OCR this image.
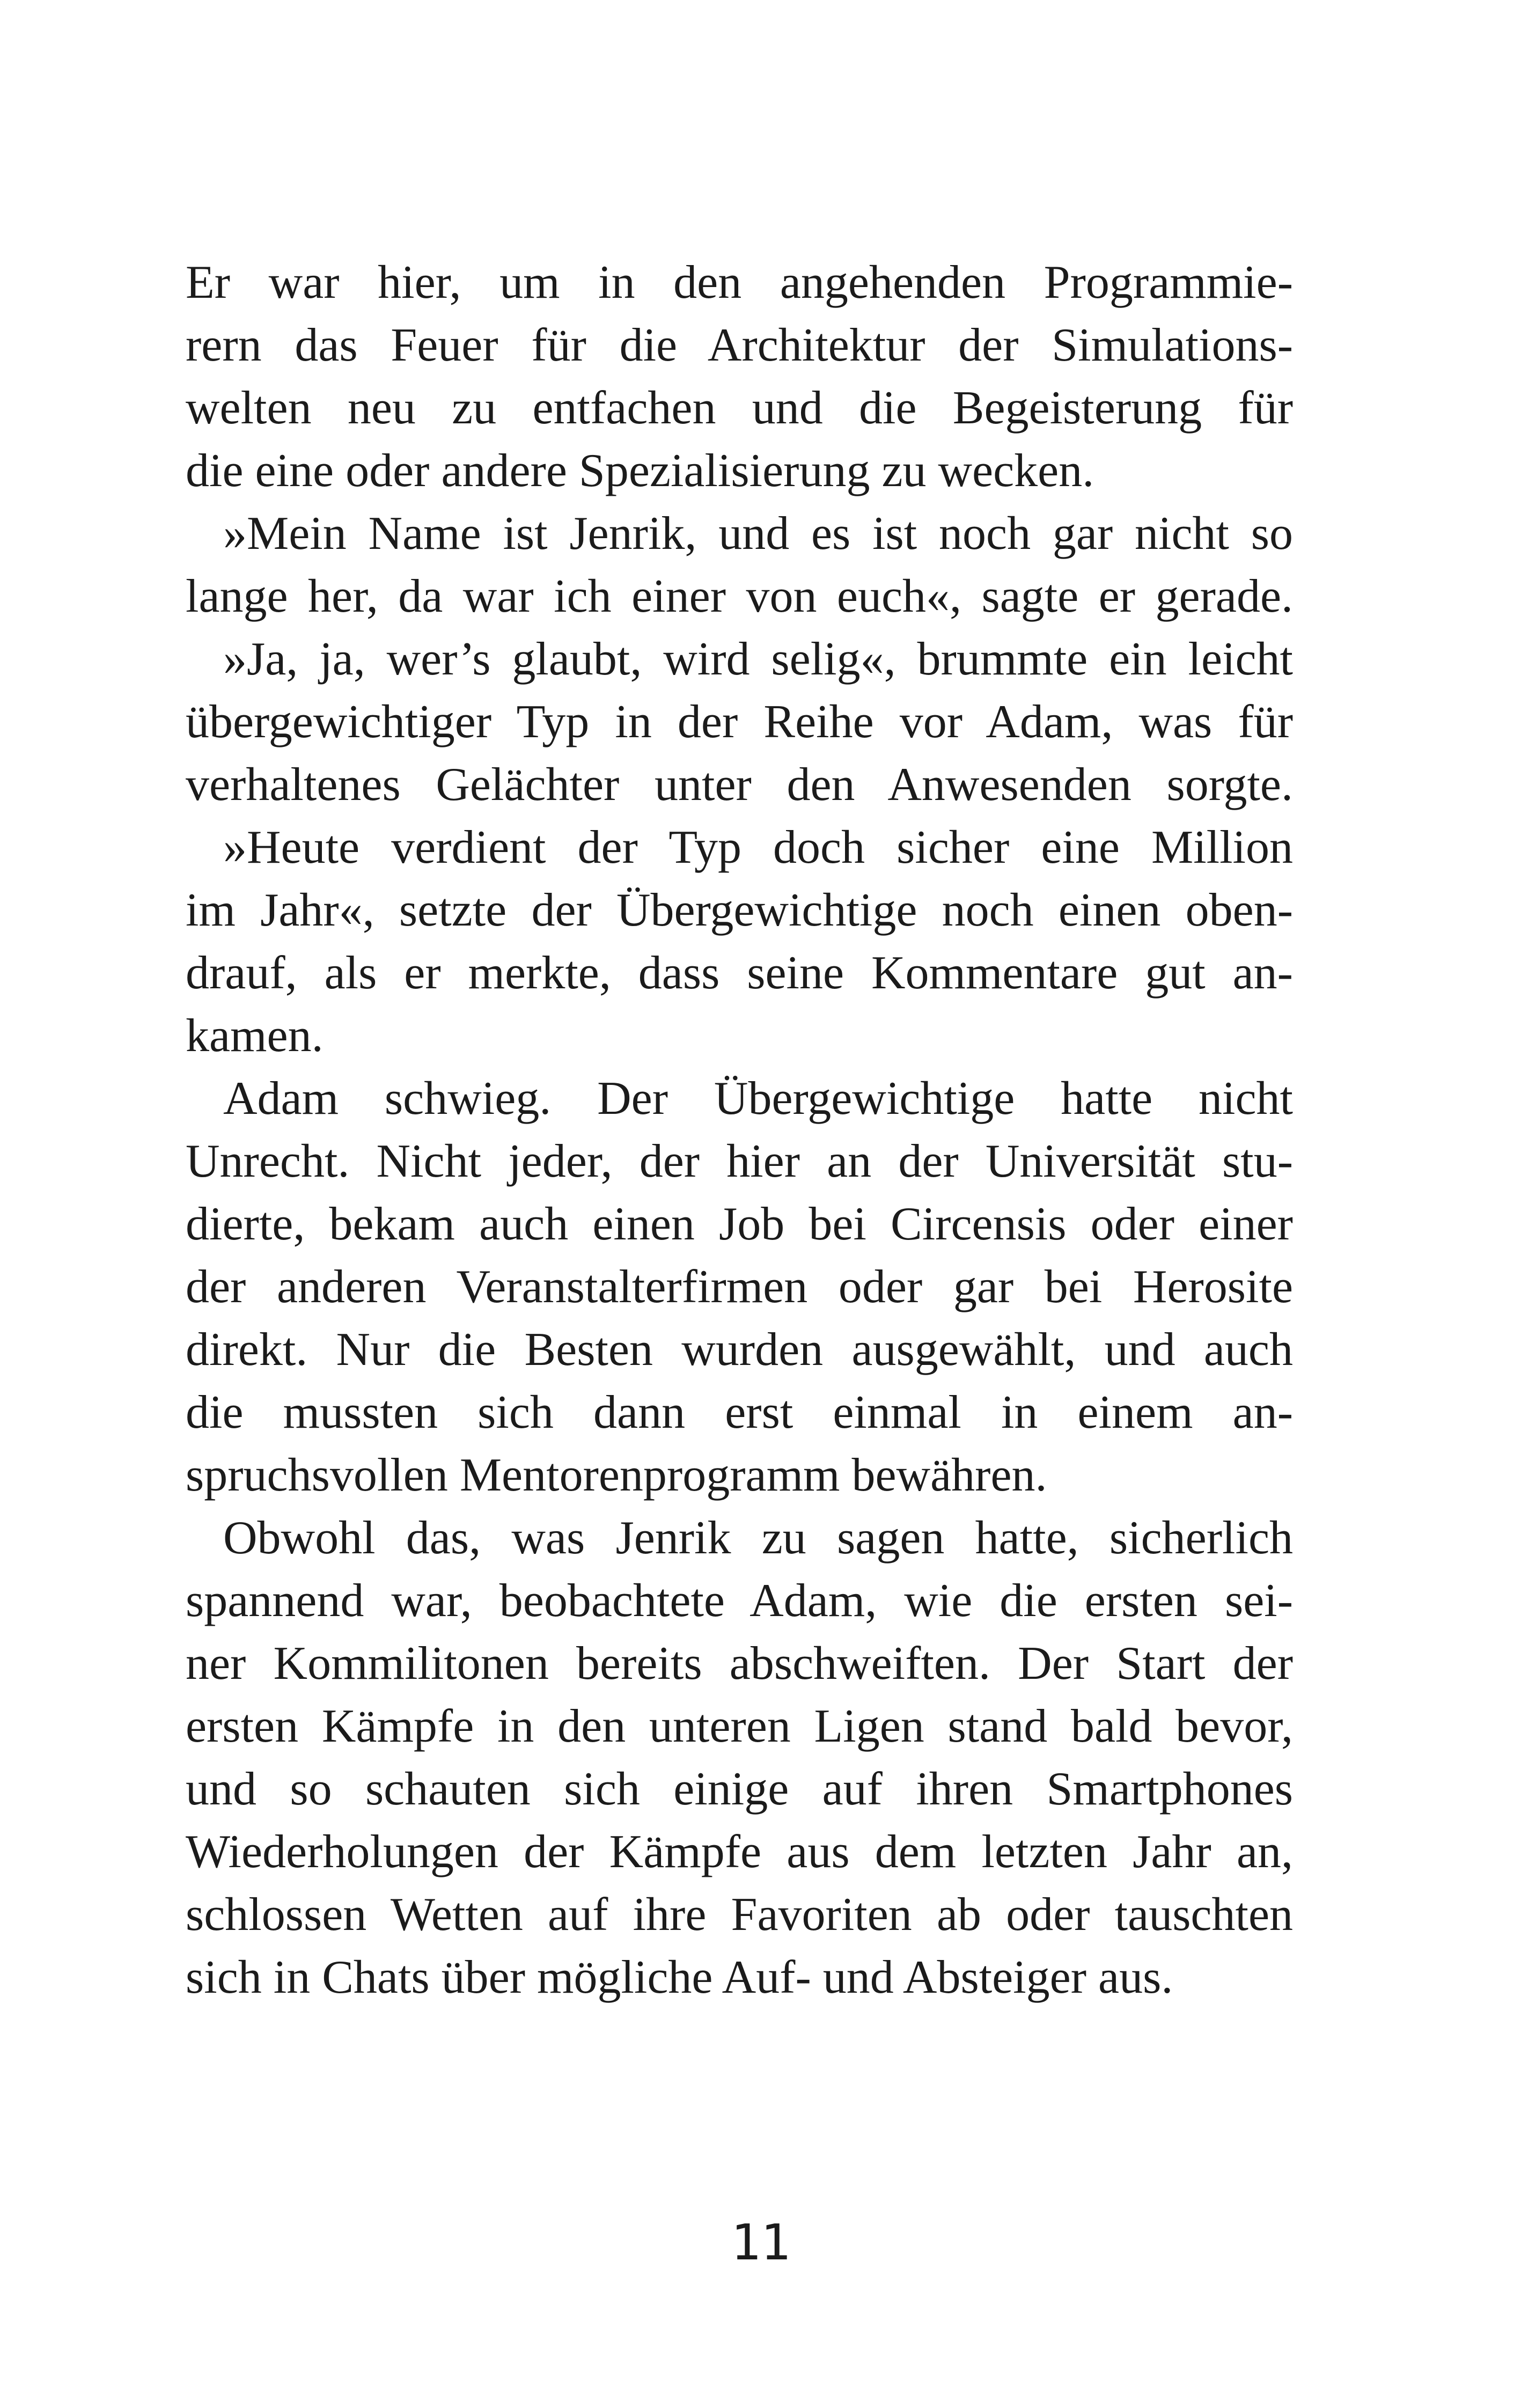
Er war hier, um in den angehenden Programmie-
rern das Feuer für die Architektur der Simulations-
welten neu zu entfachen und die Begeisterung für
die eine oder andere Spezialisierung zu wecken.
»Mein Name ist Jenrik, und es ist noch gar nicht so
lange her, da war ich einer von euch«, sagte er gerade.
»Ja, ja, wer’s glaubt, wird selig«, brummte ein leicht
übergewichtiger Typ in der Reihe vor Adam, was für
verhaltenes Gelächter unter den Anwesenden sorgte.
»Heute verdient der Typ doch sicher eine Million
im Jahr«, setzte der Übergewichtige noch einen oben-
drauf, als er merkte, dass seine Kommentare gut an-
kamen.
Adam schwieg. Der Übergewichtige hatte nicht
Unrecht. Nicht jeder, der hier an der Universität stu-
dierte, bekam auch einen Job bei Circensis oder einer
der anderen Veranstalterfirmen oder gar bei Herosite
direkt. Nur die Besten wurden ausgewählt, und auch
die mussten sich dann erst einmal in einem an-
spruchsvollen Mentorenprogramm bewähren.
Obwohl das, was Jenrik zu sagen hatte, sicherlich
spannend war, beobachtete Adam, wie die ersten sei-
ner Kommilitonen bereits abschweiften. Der Start der
ersten Kämpfe in den unteren Ligen stand bald bevor,
und so schauten sich einige auf ihren Smartphones
Wiederholungen der Kämpfe aus dem letzten Jahr an,
schlossen Wetten auf ihre Favoriten ab oder tauschten
sich in Chats über mögliche Auf- und Absteiger aus.
11
